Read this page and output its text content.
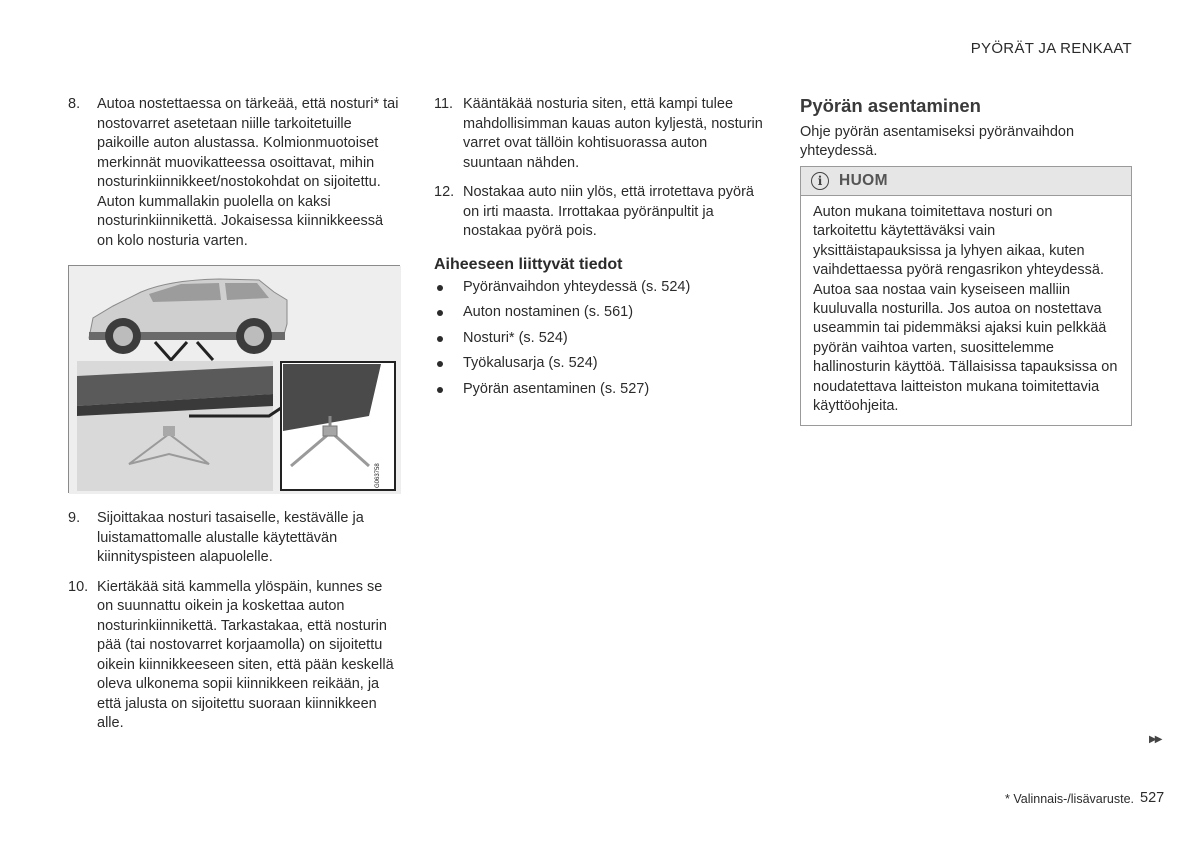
PYÖRÄT JA RENKAAT
8. Autoa nostettaessa on tärkeää, että nosturi* tai nostovarret asetetaan niille tarkoitetuille paikoille auton alustassa. Kolmionmuotoiset merkinnät muovikatteessa osoittavat, mihin nosturinkiinnikkeet/nostokohdat on sijoitettu. Auton kummallakin puolella on kaksi nosturinkiinnikettä. Jokaisessa kiinnikkeessä on kolo nosturia varten.
G063758
9. Sijoittakaa nosturi tasaiselle, kestävälle ja luistamattomalle alustalle käytettävän kiinnityspisteen alapuolelle.
10. Kiertäkää sitä kammella ylöspäin, kunnes se on suunnattu oikein ja koskettaa auton nosturinkiinnikettä. Tarkastakaa, että nosturin pää (tai nostovarret korjaamolla) on sijoitettu oikein kiinnikkeeseen siten, että pään keskellä oleva ulkonema sopii kiinnikkeen reikään, ja että jalusta on sijoitettu suoraan kiinnikkeen alle.
11. Kääntäkää nosturia siten, että kampi tulee mahdollisimman kauas auton kyljestä, nosturin varret ovat tällöin kohtisuorassa auton suuntaan nähden.
12. Nostakaa auto niin ylös, että irrotettava pyörä on irti maasta. Irrottakaa pyöränpultit ja nostakaa pyörä pois.
Aiheeseen liittyvät tiedot
Pyöränvaihdon yhteydessä (s. 524)
Auton nostaminen (s. 561)
Nosturi* (s. 524)
Työkalusarja (s. 524)
Pyörän asentaminen (s. 527)
Pyörän asentaminen

Ohje pyörän asentamiseksi pyöränvaihdon yhteydessä.

i	HUOM
Auton mukana toimitettava nosturi on tarkoitettu käytettäväksi vain yksittäistapauksissa ja lyhyen aikaa, kuten vaihdettaessa pyörä rengasrikon yhteydessä. Autoa saa nostaa vain kyseiseen malliin kuuluvalla nosturilla. Jos autoa on nostettava useammin tai pidemmäksi ajaksi kuin pelkkää pyörän vaihtoa varten, suosittelemme hallinosturin käyttöä. Tällaisissa tapauksissa on noudatettava laitteiston mukana toimitettavia käyttöohjeita.
▶▶
* Valinnais-/lisävaruste. 527
